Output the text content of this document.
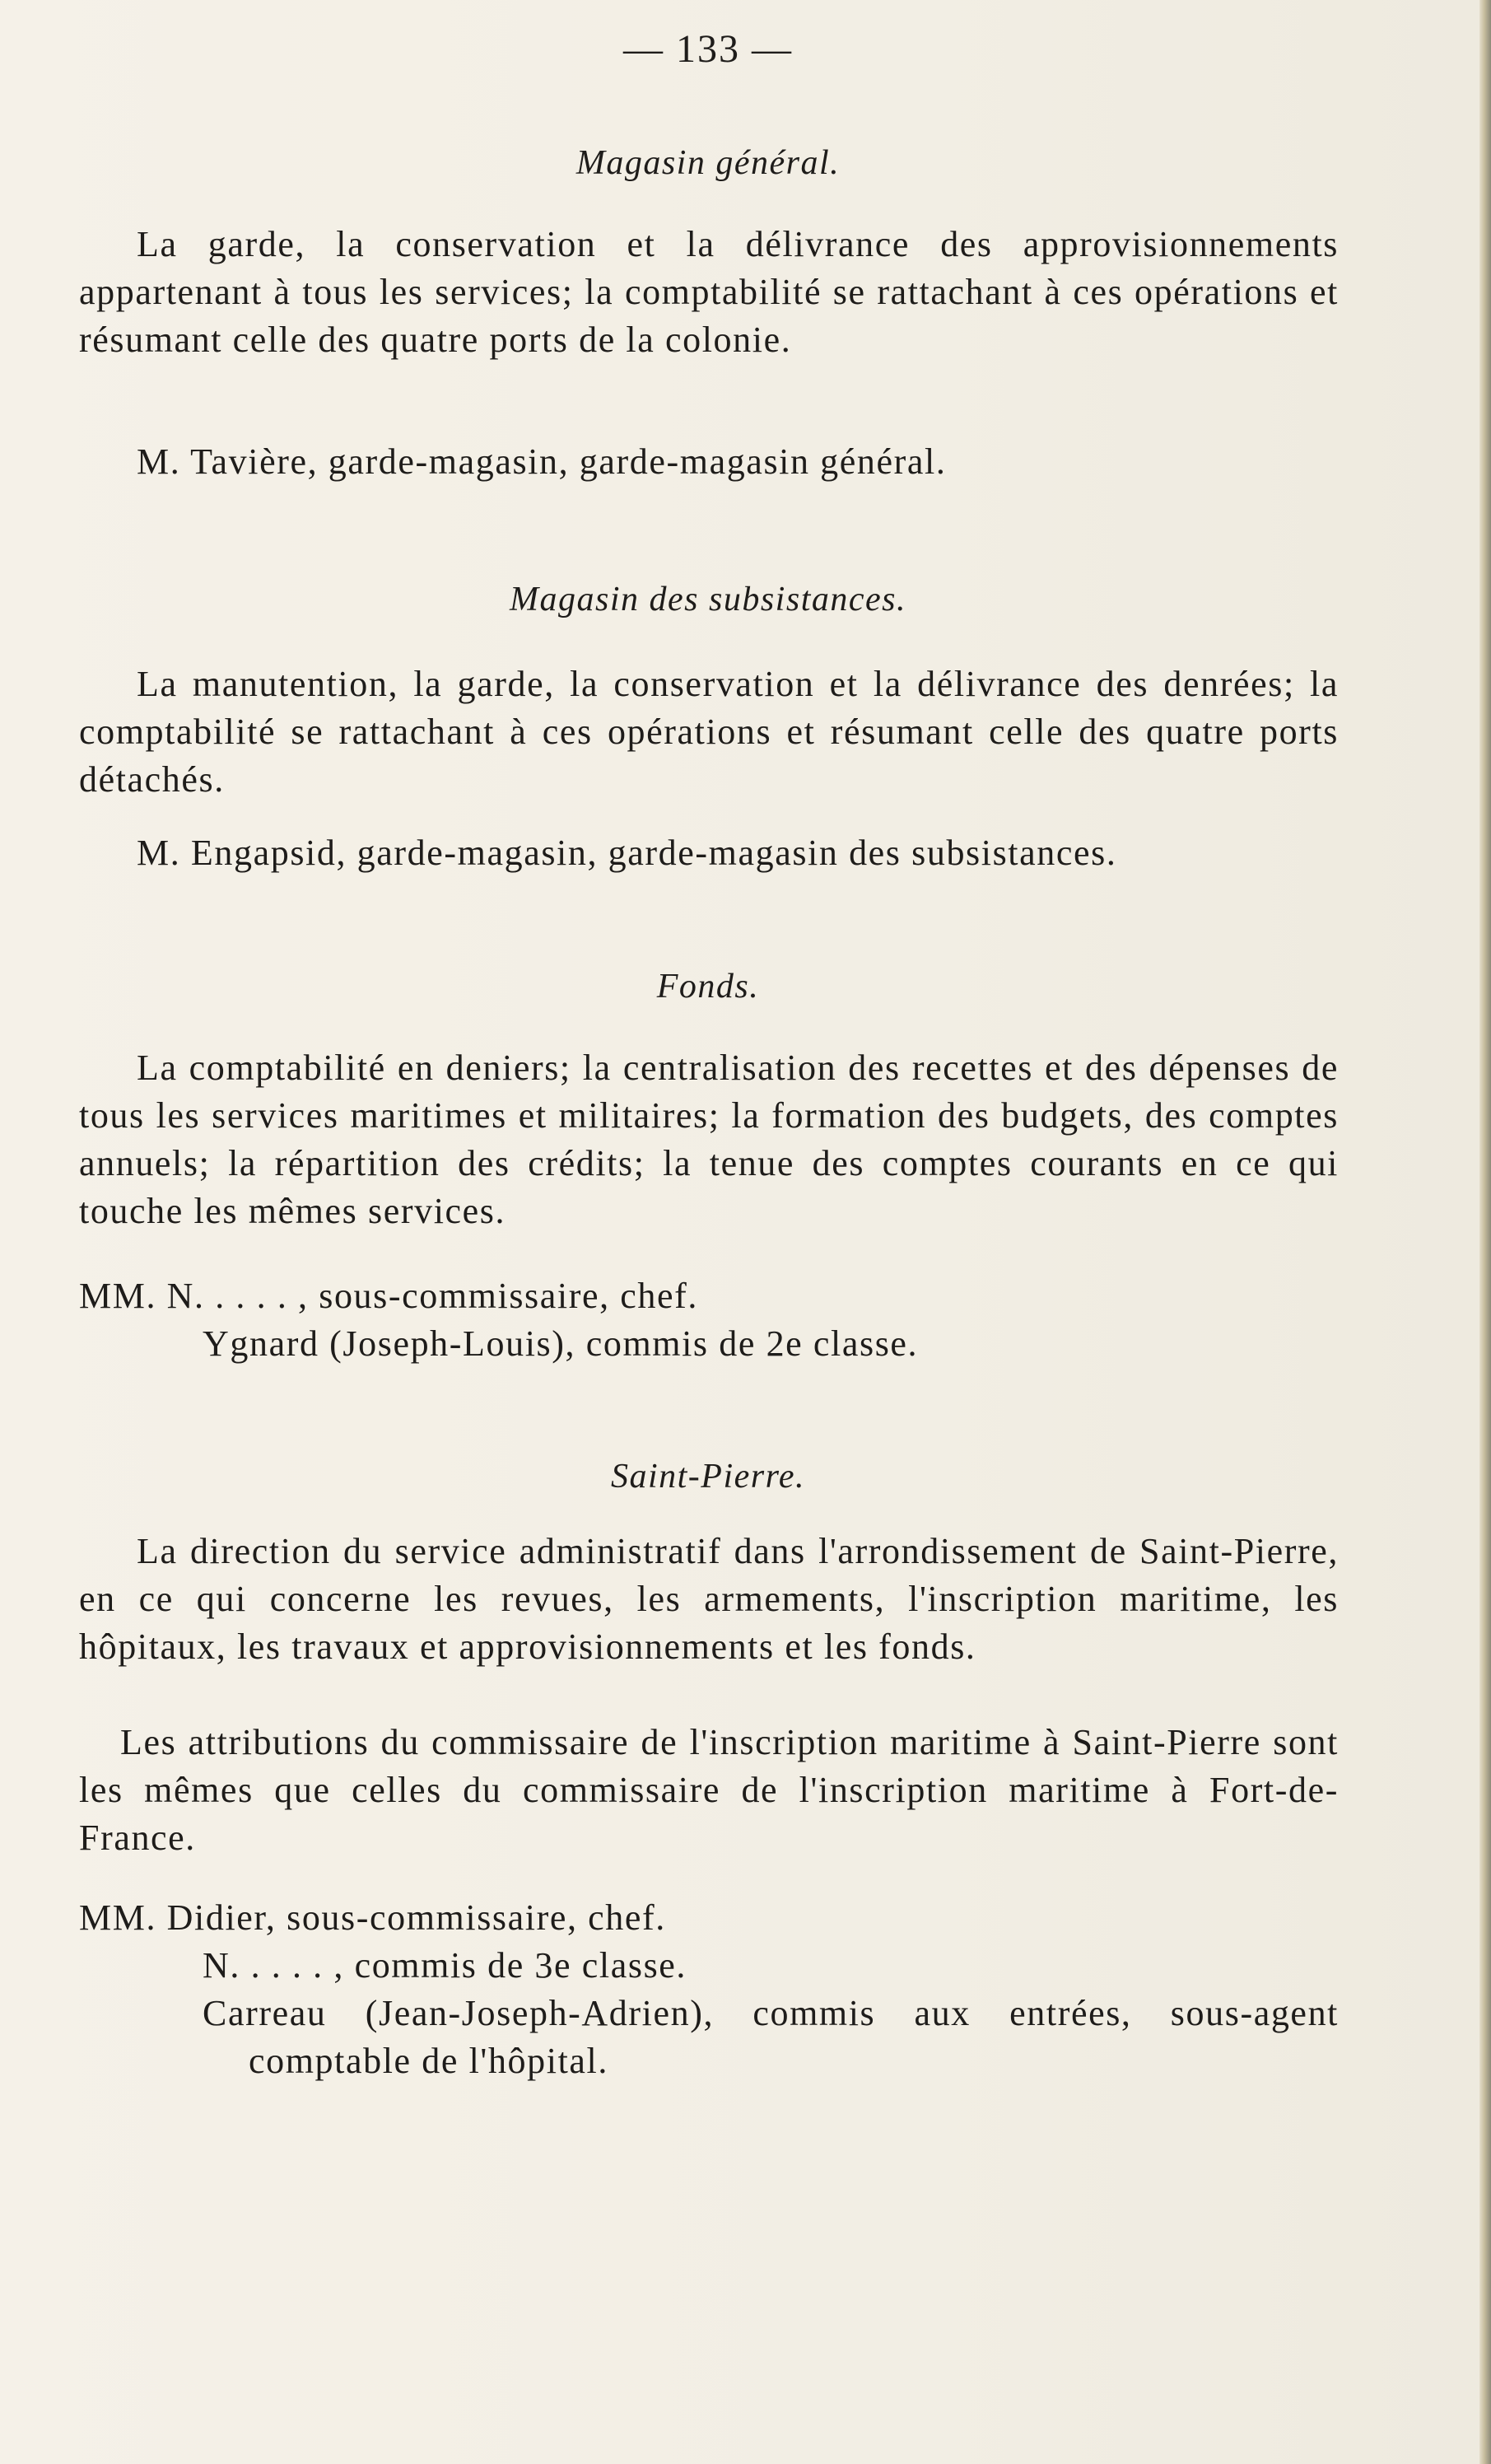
— 133 —
Magasin général.

La garde, la conservation et la délivrance des approvisionnements appartenant à tous les services; la comptabilité se rattachant à ces opérations et résumant celle des quatre ports de la colonie.

M. Tavière, garde-magasin, garde-magasin général.
Magasin des subsistances.

La manutention, la garde, la conservation et la délivrance des denrées; la comptabilité se rattachant à ces opérations et résumant celle des quatre ports détachés.

M. Engapsid, garde-magasin, garde-magasin des subsistances.
Fonds.

La comptabilité en deniers; la centralisation des recettes et des dépenses de tous les services maritimes et militaires; la formation des budgets, des comptes annuels; la répartition des crédits; la tenue des comptes courants en ce qui touche les mêmes services.

MM. N. . . . . , sous-commissaire, chef.
Ygnard (Joseph-Louis), commis de 2e classe.
Saint-Pierre.

La direction du service administratif dans l'arrondissement de Saint-Pierre, en ce qui concerne les revues, les armements, l'inscription maritime, les hôpitaux, les travaux et approvisionnements et les fonds.

Les attributions du commissaire de l'inscription maritime à Saint-Pierre sont les mêmes que celles du commissaire de l'inscription maritime à Fort-de-France.

MM. Didier, sous-commissaire, chef.
N. . . . . , commis de 3e classe.

Carreau (Jean-Joseph-Adrien), commis aux entrées, sous-agent comptable de l'hôpital.
